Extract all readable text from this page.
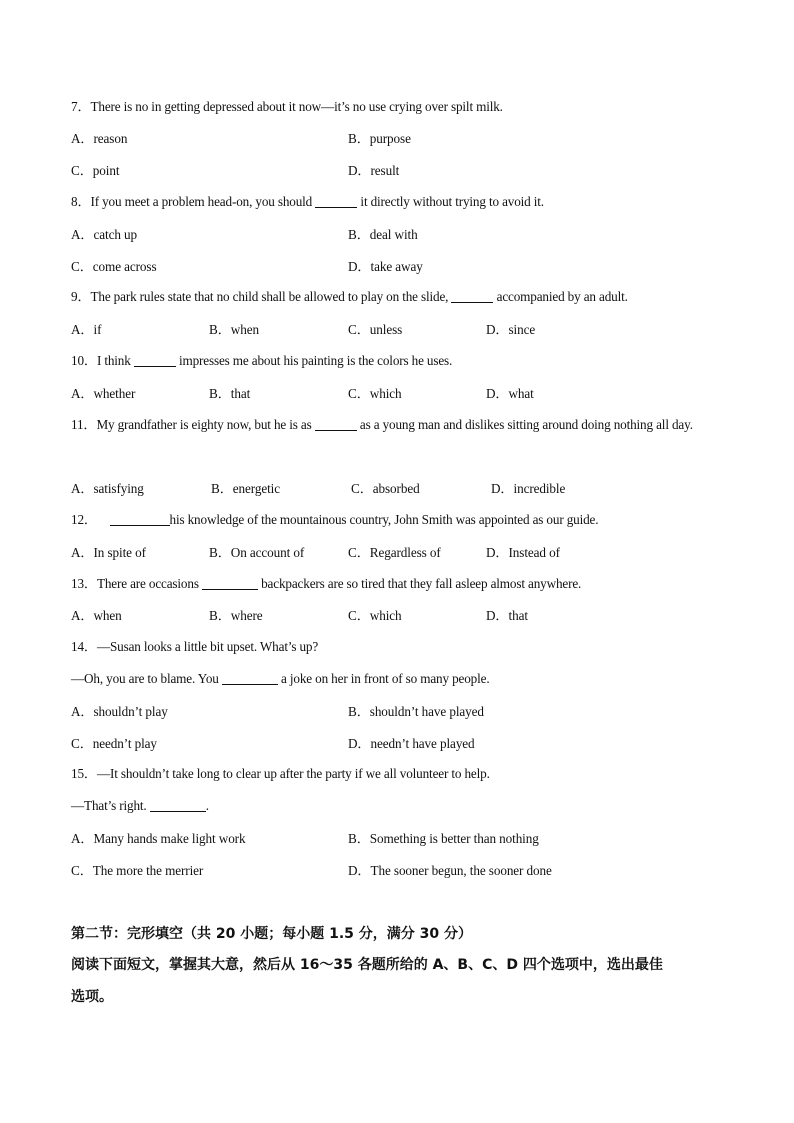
7．There is no in getting depressed about it now—it’s no use crying over spilt milk.
A．reason	B．purpose
C．point	D．result
8．If you meet a problem head-on, you should	it directly without trying to avoid it.
A．catch up	B．deal with
C．come across	D．take away
9．The park rules state that no child shall be allowed to play on the slide,	accompanied by an adult.
A．if	B．when	C．unless	D．since
10．I think	impresses me about his painting is the colors he uses.
A．whether	B．that	C．which	D．what
11．My grandfather is eighty now, but he is as	as a young man and dislikes sitting around doing nothing all day.
A．satisfying	B．energetic	C．absorbed	D．incredible
12．	his knowledge of the mountainous country, John Smith was appointed as our guide.
A．In spite of	B．On account of	C．Regardless of	D．Instead of
13．There are occasions	backpackers are so tired that they fall asleep almost anywhere.
A．when	B．where	C．which	D．that
14．—Susan looks a little bit upset. What’s up?
—Oh, you are to blame. You	a joke on her in front of so many people.
A．shouldn’t play	B．shouldn’t have played
C．needn’t play	D．needn’t have played
15．—It shouldn’t take long to clear up after the party if we all volunteer to help.
—That’s right.	.
A．Many hands make light work	B．Something is better than nothing
C．The more the merrier	D．The sooner begun, the sooner done
第二节：完形填空（共 20 小题；每小题 1.5 分，满分 30 分）
阅读下面短文，掌握其大意，然后从 16～35 各题所给的 A、B、C、D 四个选项中，选出最佳
选项。
